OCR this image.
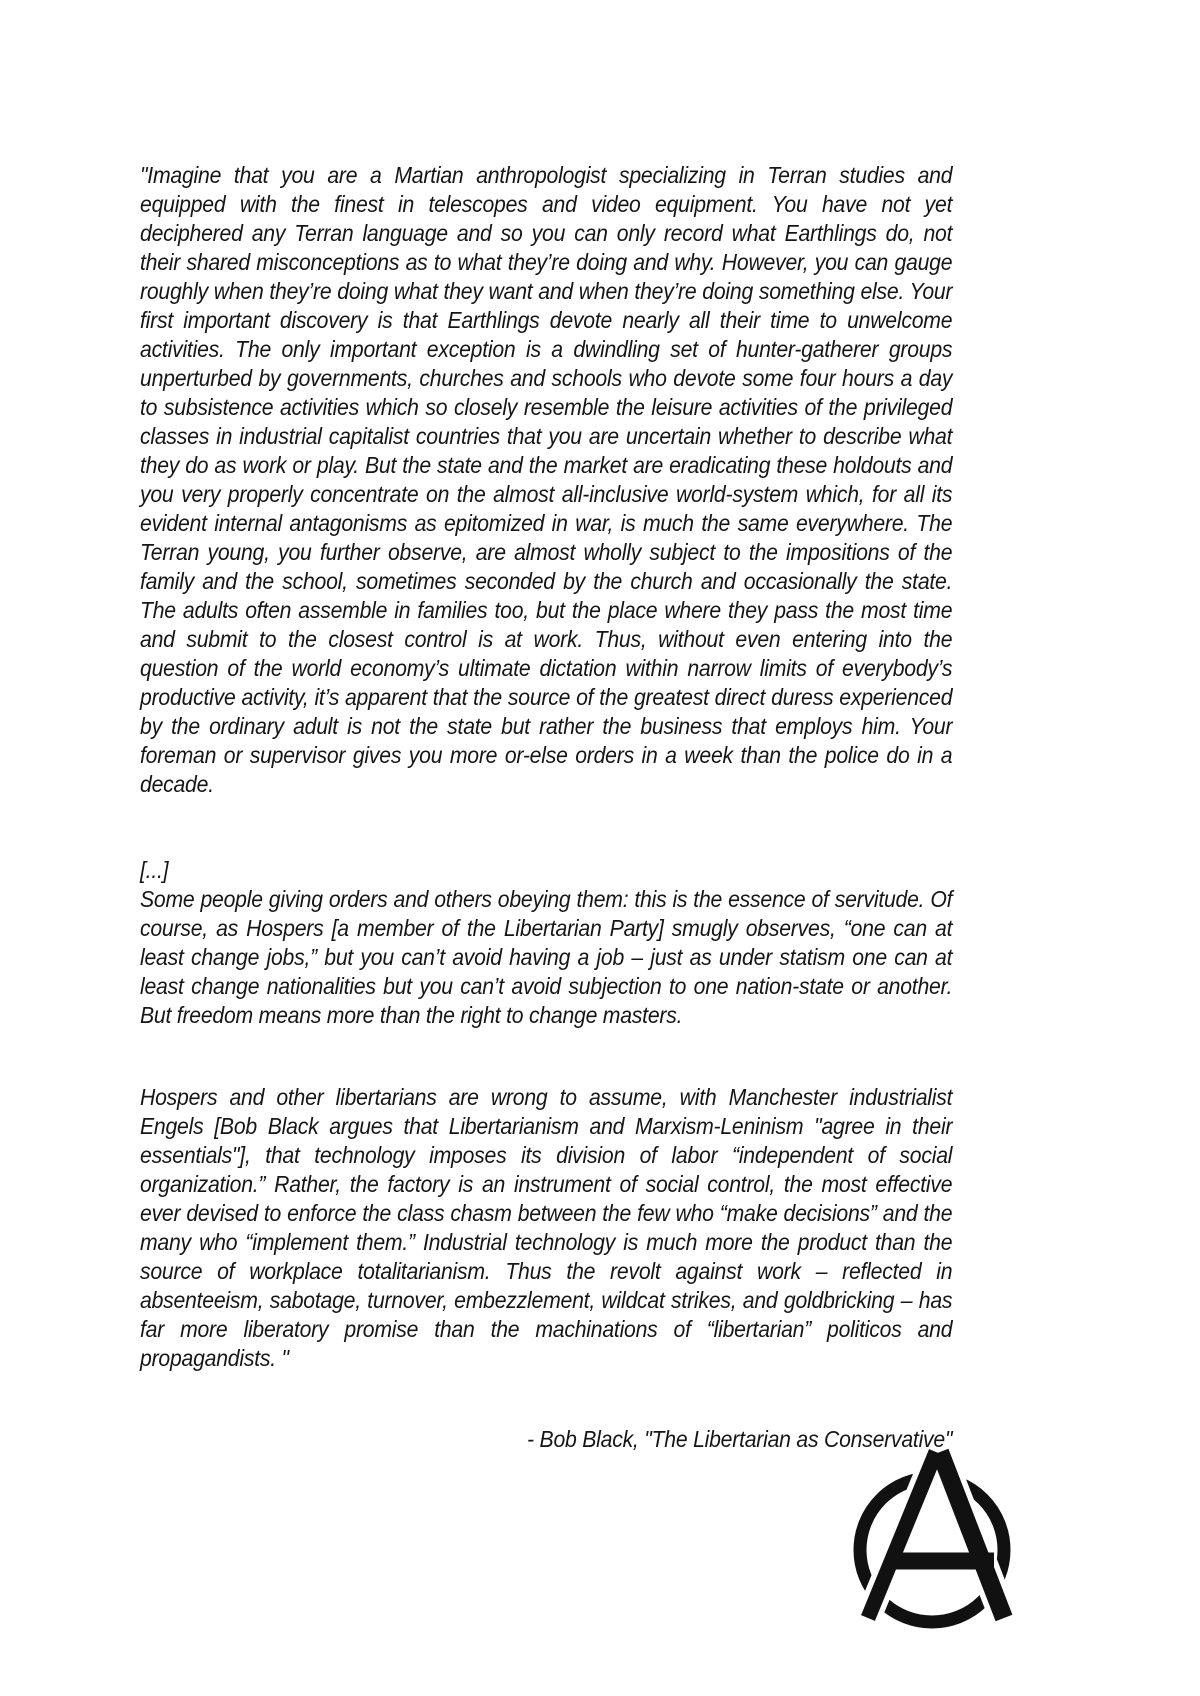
"Imagine that you are a Martian anthropologist specializing in Terran studies and equipped with the finest in telescopes and video equipment. You have not yet deciphered any Terran language and so you can only record what Earthlings do, not their shared misconceptions as to what they’re doing and why. However, you can gauge roughly when they’re doing what they want and when they’re doing something else. Your first important discovery is that Earthlings devote nearly all their time to unwelcome activities. The only important exception is a dwindling set of hunter-gatherer groups unperturbed by governments, churches and schools who devote some four hours a day to subsistence activities which so closely resemble the leisure activities of the privileged classes in industrial capitalist countries that you are uncertain whether to describe what they do as work or play. But the state and the market are eradicating these holdouts and you very properly concentrate on the almost all-inclusive world-system which, for all its evident internal antagonisms as epitomized in war, is much the same everywhere. The Terran young, you further observe, are almost wholly subject to the impositions of the family and the school, sometimes seconded by the church and occasionally the state. The adults often assemble in families too, but the place where they pass the most time and submit to the closest control is at work. Thus, without even entering into the question of the world economy’s ultimate dictation within narrow limits of everybody’s productive activity, it’s apparent that the source of the greatest direct duress experienced by the ordinary adult is not the state but rather the business that employs him. Your foreman or supervisor gives you more or-else orders in a week than the police do in a decade.

[...]

Some people giving orders and others obeying them: this is the essence of servitude. Of course, as Hospers [a member of the Libertarian Party] smugly observes, “one can at least change jobs,” but you can’t avoid having a job – just as under statism one can at least change nationalities but you can’t avoid subjection to one nation-state or another. But freedom means more than the right to change masters.

Hospers and other libertarians are wrong to assume, with Manchester industrialist Engels [Bob Black argues that Libertarianism and Marxism-Leninism "agree in their essentials"], that technology imposes its division of labor “independent of social organization.” Rather, the factory is an instrument of social control, the most effective ever devised to enforce the class chasm between the few who “make decisions” and the many who “implement them.” Industrial technology is much more the product than the source of workplace totalitarianism. Thus the revolt against work – reflected in absenteeism, sabotage, turnover, embezzlement, wildcat strikes, and goldbricking – has far more liberatory promise than the machinations of “libertarian” politicos and propagandists. "

- Bob Black, "The Libertarian as Conservative"
